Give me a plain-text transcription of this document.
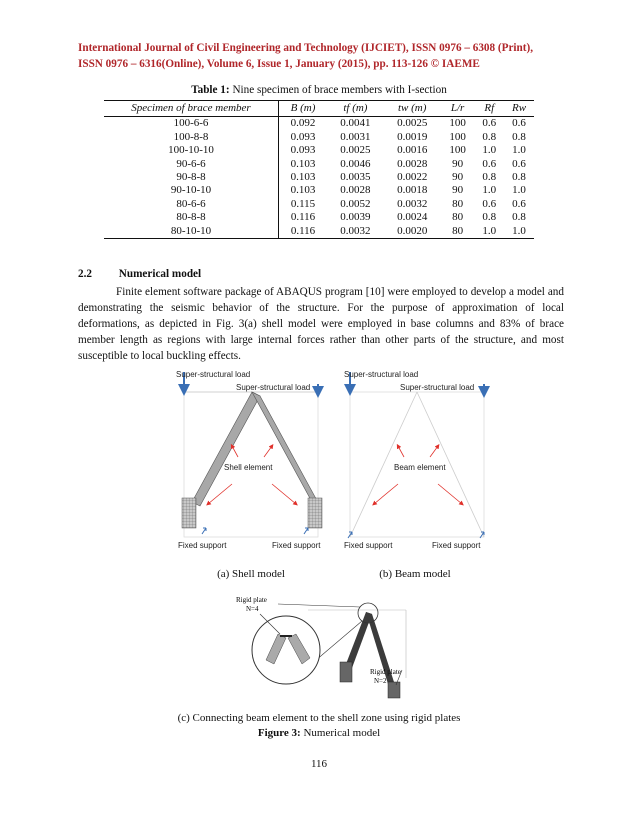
International Journal of Civil Engineering and Technology (IJCIET), ISSN 0976 – 6308 (Print),
ISSN 0976 – 6316(Online), Volume 6, Issue 1, January (2015), pp. 113-126 © IAEME
Table 1: Nine specimen of brace members with I-section
Specimen of brace member	B (m)	tf (m)	tw (m)	L/r	Rf	Rw
100-6-6	0.092	0.0041	0.0025	100	0.6	0.6
100-8-8	0.093	0.0031	0.0019	100	0.8	0.8
100-10-10	0.093	0.0025	0.0016	100	1.0	1.0
90-6-6	0.103	0.0046	0.0028	90	0.6	0.6
90-8-8	0.103	0.0035	0.0022	90	0.8	0.8
90-10-10	0.103	0.0028	0.0018	90	1.0	1.0
80-6-6	0.115	0.0052	0.0032	80	0.6	0.6
80-8-8	0.116	0.0039	0.0024	80	0.8	0.8
80-10-10	0.116	0.0032	0.0020	80	1.0	1.0
2.2 Numerical model
Finite element software package of ABAQUS program [10] were employed to develop a model and demonstrating the seismic behavior of the structure. For the purpose of approximation of local deformations, as depicted in Fig. 3(a) shell model were employed in base columns and 83% of brace member length as regions with large internal forces rather than other parts of the structure, and most susceptible to local buckling effects.
Super-structural load
Super-structural load
Shell element
Fixed support	Fixed support
Super-structural load
Super-structural load
Beam element
Fixed support	Fixed support
(a) Shell model	(b) Beam model
Rigid plate
N=4
Rigid plate
N=2
(c) Connecting beam element to the shell zone using rigid plates
Figure 3: Numerical model
116
